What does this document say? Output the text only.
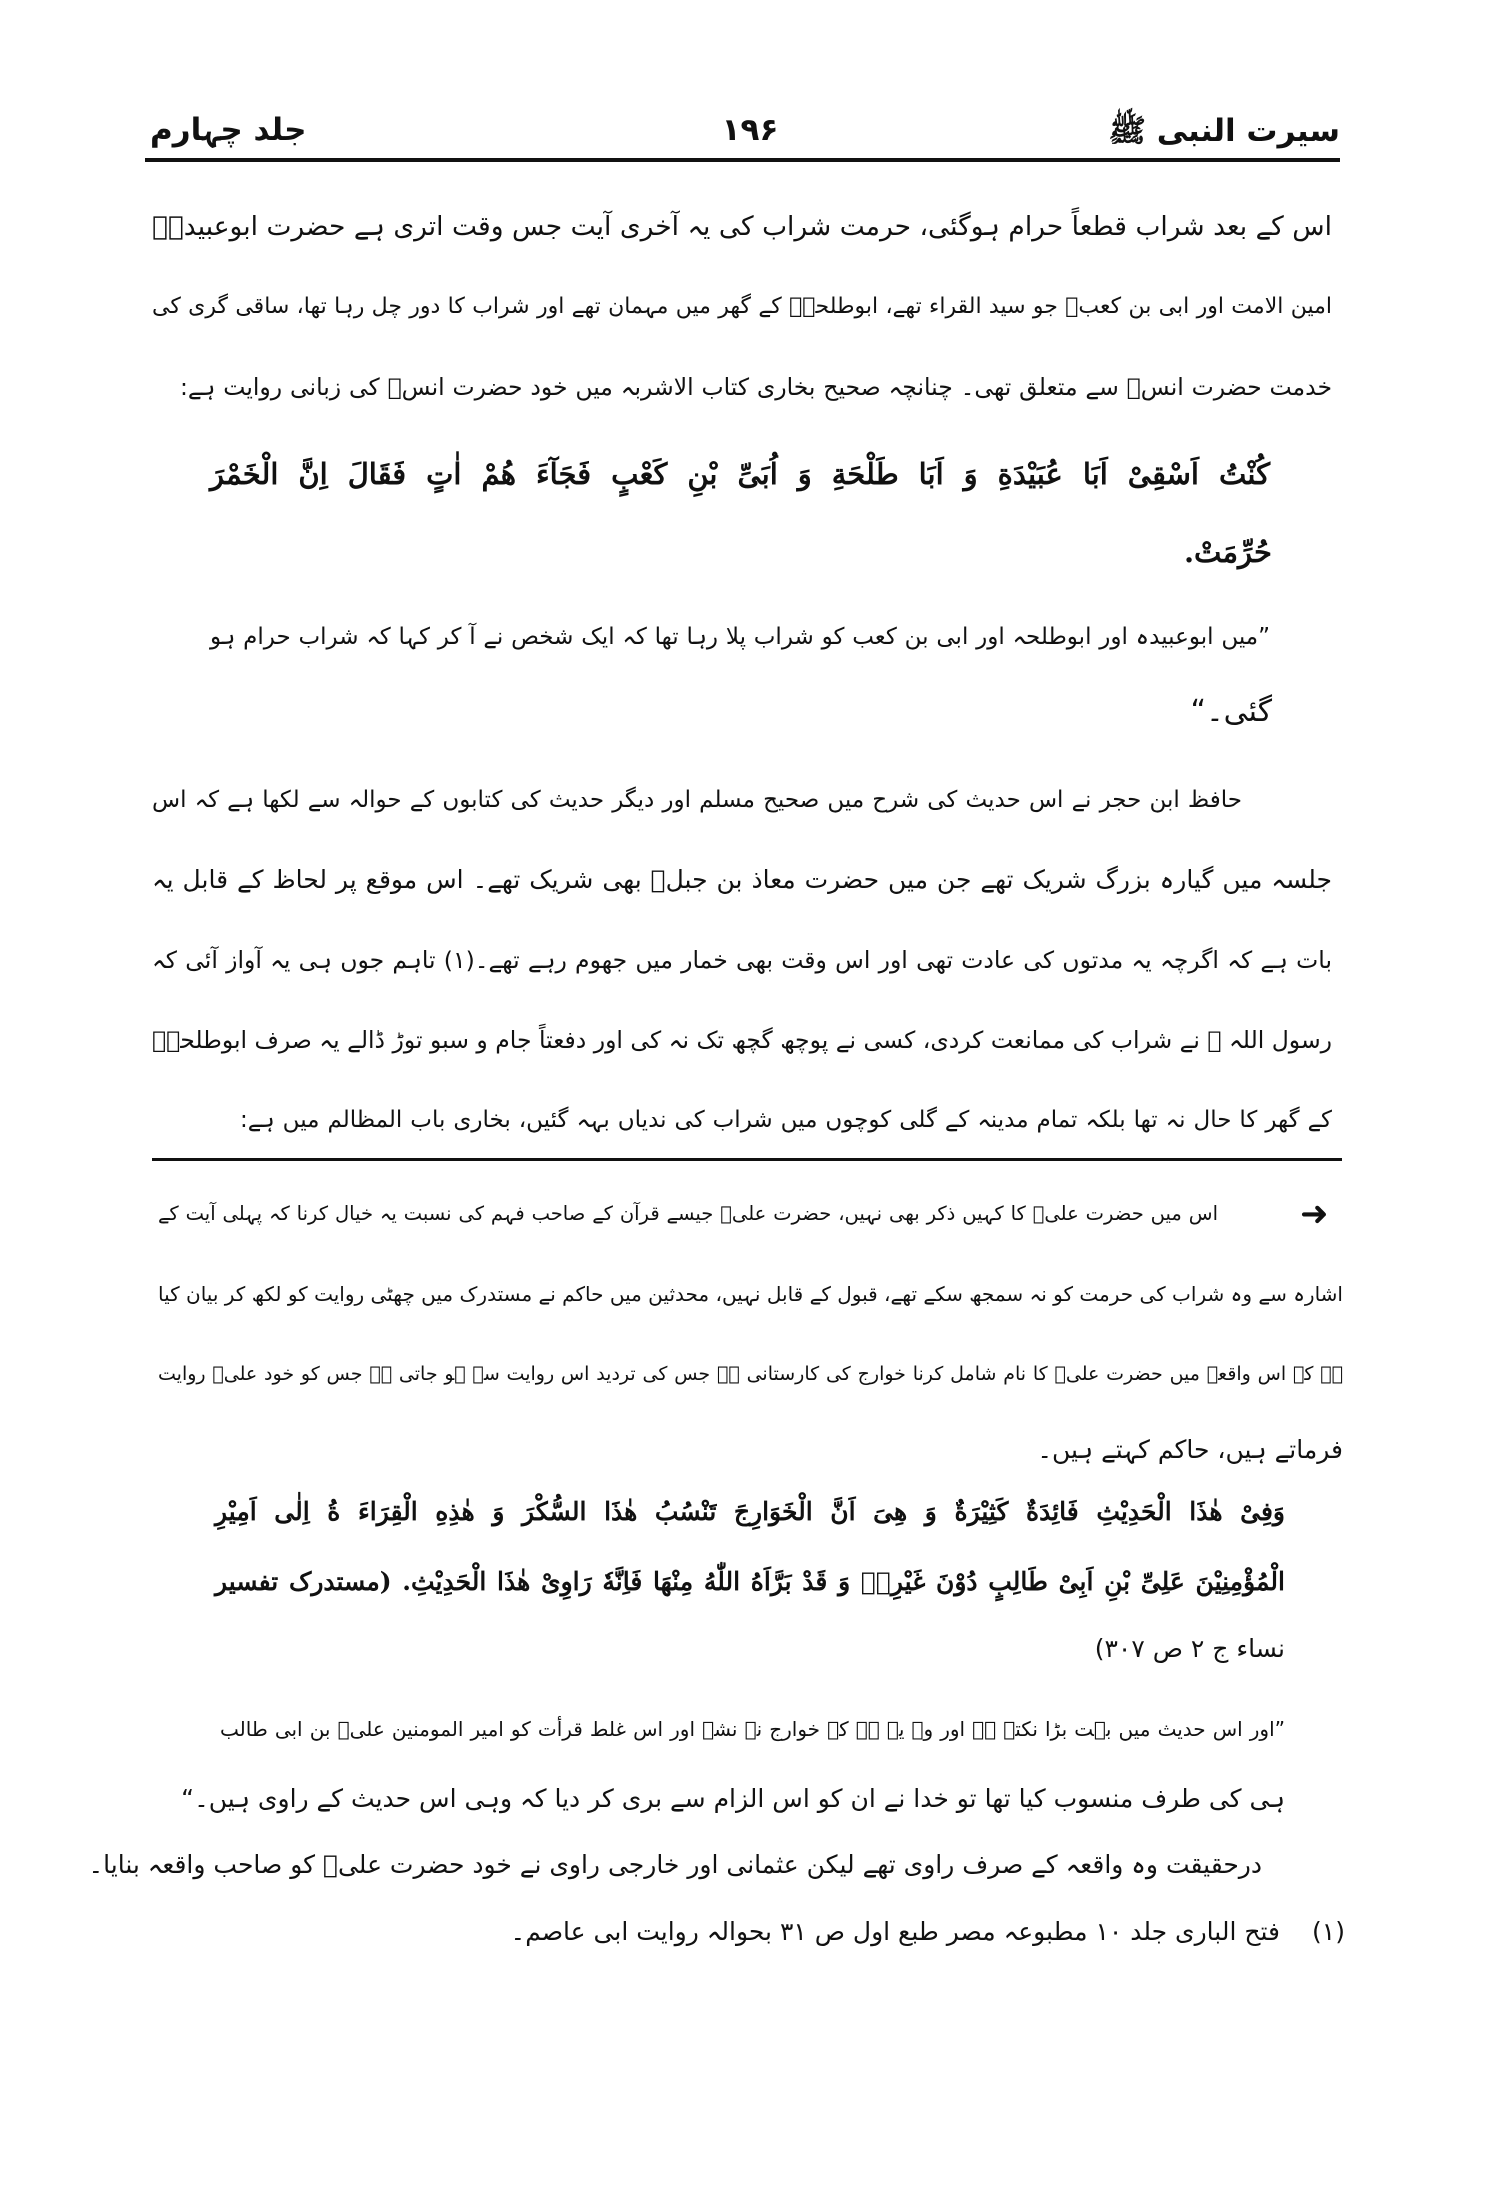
سیرت النبی ﷺ
۱۹۶
جلد چہارم
اس کے بعد شراب قطعاً حرام ہوگئی، حرمت شراب کی یہ آخری آیت جس وقت اتری ہے حضرت ابوعبیدہؓ
امین الامت اور ابی بن کعبؓ جو سید القراء تھے، ابوطلحہؓ کے گھر میں مہمان تھے اور شراب کا دور چل رہا تھا، ساقی گری کی
خدمت حضرت انسؓ سے متعلق تھی۔ چنانچہ صحیح بخاری کتاب الاشربہ میں خود حضرت انسؓ کی زبانی روایت ہے:
كُنْتُ اَسْقِىْ اَبَا عُبَيْدَةِ وَ اَبَا طَلْحَةِ وَ اُبَىِّ بْنِ كَعْبٍ فَجَآءَ هُمْ اٰتٍ فَقَالَ اِنَّ الْخَمْرَ
حُرِّمَتْ.
”میں ابوعبیدہ اور ابوطلحہ اور ابی بن کعب کو شراب پلا رہا تھا کہ ایک شخص نے آ کر کہا کہ شراب حرام ہو
گئی۔“
حافظ ابن حجر نے اس حدیث کی شرح میں صحیح مسلم اور دیگر حدیث کی کتابوں کے حوالہ سے لکھا ہے کہ اس
جلسہ میں گیارہ بزرگ شریک تھے جن میں حضرت معاذ بن جبلؓ بھی شریک تھے۔ اس موقع پر لحاظ کے قابل یہ
بات ہے کہ اگرچہ یہ مدتوں کی عادت تھی اور اس وقت بھی خمار میں جھوم رہے تھے۔(۱) تاہم جوں ہی یہ آواز آئی کہ
رسول اللہ ﷺ نے شراب کی ممانعت کردی، کسی نے پوچھ گچھ تک نہ کی اور دفعتاً جام و سبو توڑ ڈالے یہ صرف ابوطلحہؓ
کے گھر کا حال نہ تھا بلکہ تمام مدینہ کے گلی کوچوں میں شراب کی ندیاں بہہ گئیں، بخاری باب المظالم میں ہے:
➜
اس میں حضرت علیؓ کا کہیں ذکر بھی نہیں، حضرت علیؓ جیسے قرآن کے صاحب فہم کی نسبت یہ خیال کرنا کہ پہلی آیت کے
اشارہ سے وہ شراب کی حرمت کو نہ سمجھ سکے تھے، قبول کے قابل نہیں، محدثین میں حاکم نے مستدرک میں چھٹی روایت کو لکھ کر بیان کیا
ہے کہ اس واقعہ میں حضرت علیؓ کا نام شامل کرنا خوارج کی کارستانی ہے جس کی تردید اس روایت سے ہو جاتی ہے جس کو خود علیؓ روایت
فرماتے ہیں، حاکم کہتے ہیں۔
وَفِىْ هٰذَا الْحَدِيْثِ فَائِدَةٌ كَثِيْرَةٌ وَ هِىَ اَنَّ الْخَوَارِجَ تَنْسُبُ هٰذَا السُّكْرَ وَ هٰذِهِ الْقِرَاءَ ةُ اِلٰى اَمِيْرِ
الْمُؤْمِنِيْنَ عَلِىِّ بْنِ اَبِىْ طَالِبٍ دُوْنَ غَيْرِهٖ وَ قَدْ بَرَّاَهُ اللّٰهُ مِنْهَا فَاِنَّهٗ رَاوِىْ هٰذَا الْحَدِيْثِ. (مستدرک تفسیر
نساء ج ۲ ص ۳۰۷)
”اور اس حدیث میں بہت بڑا نکتہ ہے اور وہ یہ ہے کہ خوارج نے نشہ اور اس غلط قرأت کو امیر المومنین علیؓ بن ابی طالب
ہی کی طرف منسوب کیا تھا تو خدا نے ان کو اس الزام سے بری کر دیا کہ وہی اس حدیث کے راوی ہیں۔“
درحقیقت وہ واقعہ کے صرف راوی تھے لیکن عثمانی اور خارجی راوی نے خود حضرت علیؓ کو صاحب واقعہ بنایا۔
(۱)
فتح الباری جلد ۱۰ مطبوعہ مصر طبع اول ص ۳۱ بحوالہ روایت ابی عاصم۔
